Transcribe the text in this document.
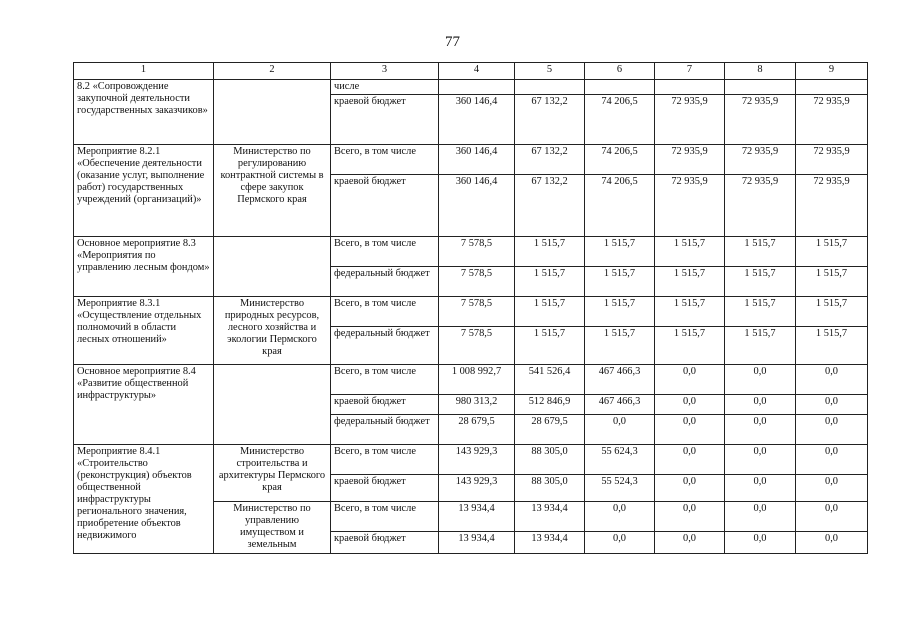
77
1	2	3	4	5	6	7	8	9
8.2 «Сопровождение закупочной деятельности государственных заказчиков»		числе						
		краевой бюджет	360 146,4	67 132,2	74 206,5	72 935,9	72 935,9	72 935,9
Мероприятие 8.2.1 «Обеспечение деятельности (оказание услуг, выполнение работ) государственных учреждений (организаций)»	Министерство по регулированию контрактной системы в сфере закупок Пермского края	Всего, в том числе	360 146,4	67 132,2	74 206,5	72 935,9	72 935,9	72 935,9
		краевой бюджет	360 146,4	67 132,2	74 206,5	72 935,9	72 935,9	72 935,9
Основное мероприятие 8.3 «Мероприятия по управлению лесным фондом»		Всего, в том числе	7 578,5	1 515,7	1 515,7	1 515,7	1 515,7	1 515,7
		федеральный бюджет	7 578,5	1 515,7	1 515,7	1 515,7	1 515,7	1 515,7
Мероприятие 8.3.1 «Осуществление отдельных полномочий в области лесных отношений»	Министерство природных ресурсов, лесного хозяйства и экологии Пермского края	Всего, в том числе	7 578,5	1 515,7	1 515,7	1 515,7	1 515,7	1 515,7
		федеральный бюджет	7 578,5	1 515,7	1 515,7	1 515,7	1 515,7	1 515,7
Основное мероприятие 8.4 «Развитие общественной инфраструктуры»		Всего, в том числе	1 008 992,7	541 526,4	467 466,3	0,0	0,0	0,0
		краевой бюджет	980 313,2	512 846,9	467 466,3	0,0	0,0	0,0
		федеральный бюджет	28 679,5	28 679,5	0,0	0,0	0,0	0,0
Мероприятие 8.4.1 «Строительство (реконструкция) объектов общественной инфраструктуры регионального значения, приобретение объектов недвижимого	Министерство строительства и архитектуры Пермского края	Всего, в том числе	143 929,3	88 305,0	55 624,3	0,0	0,0	0,0
		краевой бюджет	143 929,3	88 305,0	55 524,3	0,0	0,0	0,0
	Министерство по управлению имуществом и земельным	Всего, в том числе	13 934,4	13 934,4	0,0	0,0	0,0	0,0
		краевой бюджет	13 934,4	13 934,4	0,0	0,0	0,0	0,0
